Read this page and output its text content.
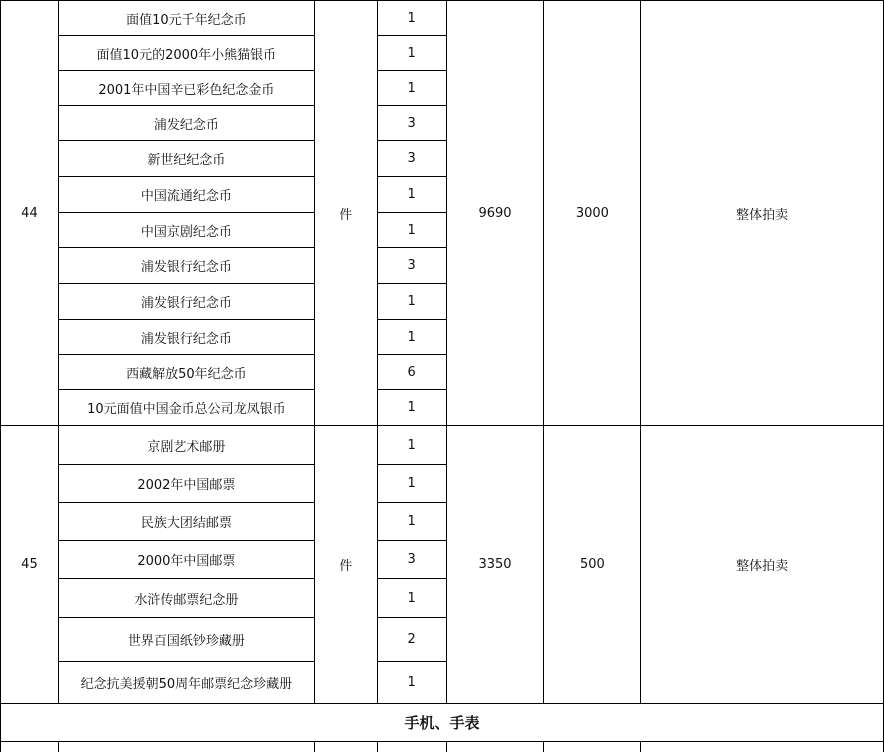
44	面值10元千年纪念币	件	1	9690	3000	整体拍卖
	面值10元的2000年小熊猫银币		1			
	2001年中国辛已彩色纪念金币		1			
	浦发纪念币		3			
	新世纪纪念币		3			
	中国流通纪念币		1			
	中国京剧纪念币		1			
	浦发银行纪念币		3			
	浦发银行纪念币		1			
	浦发银行纪念币		1			
	西藏解放50年纪念币		6			
	10元面值中国金币总公司龙凤银币		1			
45	京剧艺术邮册	件	1	3350	500	整体拍卖
	2002年中国邮票		1			
	民族大团结邮票		1			
	2000年中国邮票		3			
	水浒传邮票纪念册		1			
	世界百国纸钞珍藏册		2			
	纪念抗美援朝50周年邮票纪念珍藏册		1			
手机、手表						
